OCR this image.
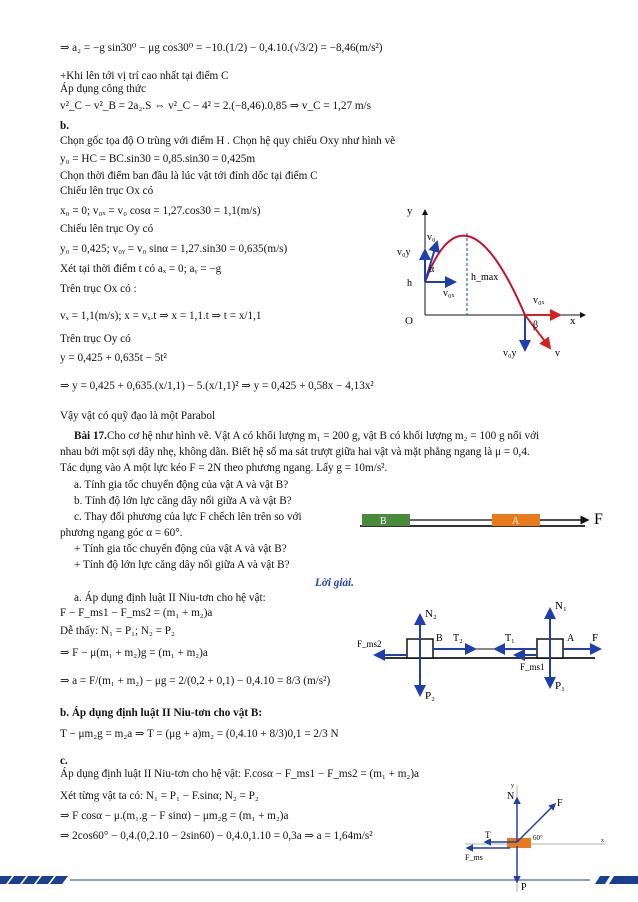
⇒ a₂ = −g sin30⁰ − μg cos30⁰ = −10.(1/2) − 0,4.10.(√3/2) = −8,46(m/s²)
+Khi lên tới vị trí cao nhất tại điểm C
Áp dụng công thức
v²_C − v²_B = 2a₂.S ⇔ v²_C − 4² = 2.(−8,46).0,85 ⇒ v_C = 1,27 m/s
b.
Chọn gốc tọa độ O trùng với điểm H . Chọn hệ quy chiếu Oxy như hình vẽ
y₀ = HC = BC.sin30 = 0,85.sin30 = 0,425m
Chọn thời điểm ban đầu là lúc vật tới đỉnh dốc tại điểm C
Chiếu lên trục Ox có
x₀ = 0; v₀ₓ = v₀ cosα = 1,27.cos30 = 1,1(m/s)
Chiếu lên trục Oy có
y₀ = 0,425; v₀ᵧ = v₀ sinα = 1,27.sin30 = 0,635(m/s)
Xét tại thời điểm t có aₓ = 0; aᵧ = −g
Trên trục Ox có :
vₓ = 1,1(m/s); x = vₓ.t ⇒ x = 1,1.t ⇒ t = x/1,1
Trên trục Oy có
y = 0,425 + 0,635t − 5t²
⇒ y = 0,425 + 0,635.(x/1,1) − 5.(x/1,1)² ⇒ y = 0,425 + 0,58x − 4,13x²
Vậy vật có quỹ đạo là một Parabol
y
v₀
v₀y
α
h_max
h
v₀ₓ
v₀ₓ
β
O	x
v₀y	v
Bài 17.Cho cơ hệ như hình vẽ. Vật A có khối lượng m₁ = 200 g, vật B có khối lượng m₂ = 100 g nối với
nhau bởi một sợi dây nhẹ, không dãn. Biết hệ số ma sát trượt giữa hai vật và mặt phẳng ngang là μ = 0,4.
Tác dụng vào A một lực kéo F = 2N theo phương ngang. Lấy g = 10m/s².
a. Tính gia tốc chuyển động của vật A và vật B?
b. Tính độ lớn lực căng dây nối giữa A và vật B?
c. Thay đổi phương của lực F chếch lên trên so với
phương ngang góc α = 60°.
+ Tính gia tốc chuyển động của vật A và vật B?
+ Tính độ lớn lực căng dây nối giữa A và vật B?
B	A	F
Lời giải.
a. Áp dụng định luật II Niu-tơn cho hệ vật:
F − F_ms1 − F_ms2 = (m₁ + m₂)a
Dễ thấy: N₁ = P₁; N₂ = P₂
⇒ F − μ(m₁ + m₂)g = (m₁ + m₂)a
⇒ a = F/(m₁ + m₂) − μg = 2/(0,2 + 0,1) − 0,4.10 = 8/3 (m/s²)
b. Áp dụng định luật II Niu-tơn cho vật B:
T − μm₂g = m₂a ⇒ T = (μg + a)m₂ = (0,4.10 + 8/3)0,1 = 2/3 N
c.
Áp dụng định luật II Niu-tơn cho hệ vật: F.cosα − F_ms1 − F_ms2 = (m₁ + m₂)a
Xét từng vật ta có: N₁ = P₁ − F.sinα; N₂ = P₂
⇒ F cosα − μ.(m₁.g − F sinα) − μm₂g = (m₁ + m₂)a
⇒ 2cos60° − 0,4.(0,2.10 − 2sin60) − 0,4.0,1.10 = 0,3a ⇒ a = 1,64m/s²
N₂
N₁
F_ms2	B T₂	T₁	A F
F_ms1
P₂
P₁
y
N
F
T	60°
F_ms
P
x
